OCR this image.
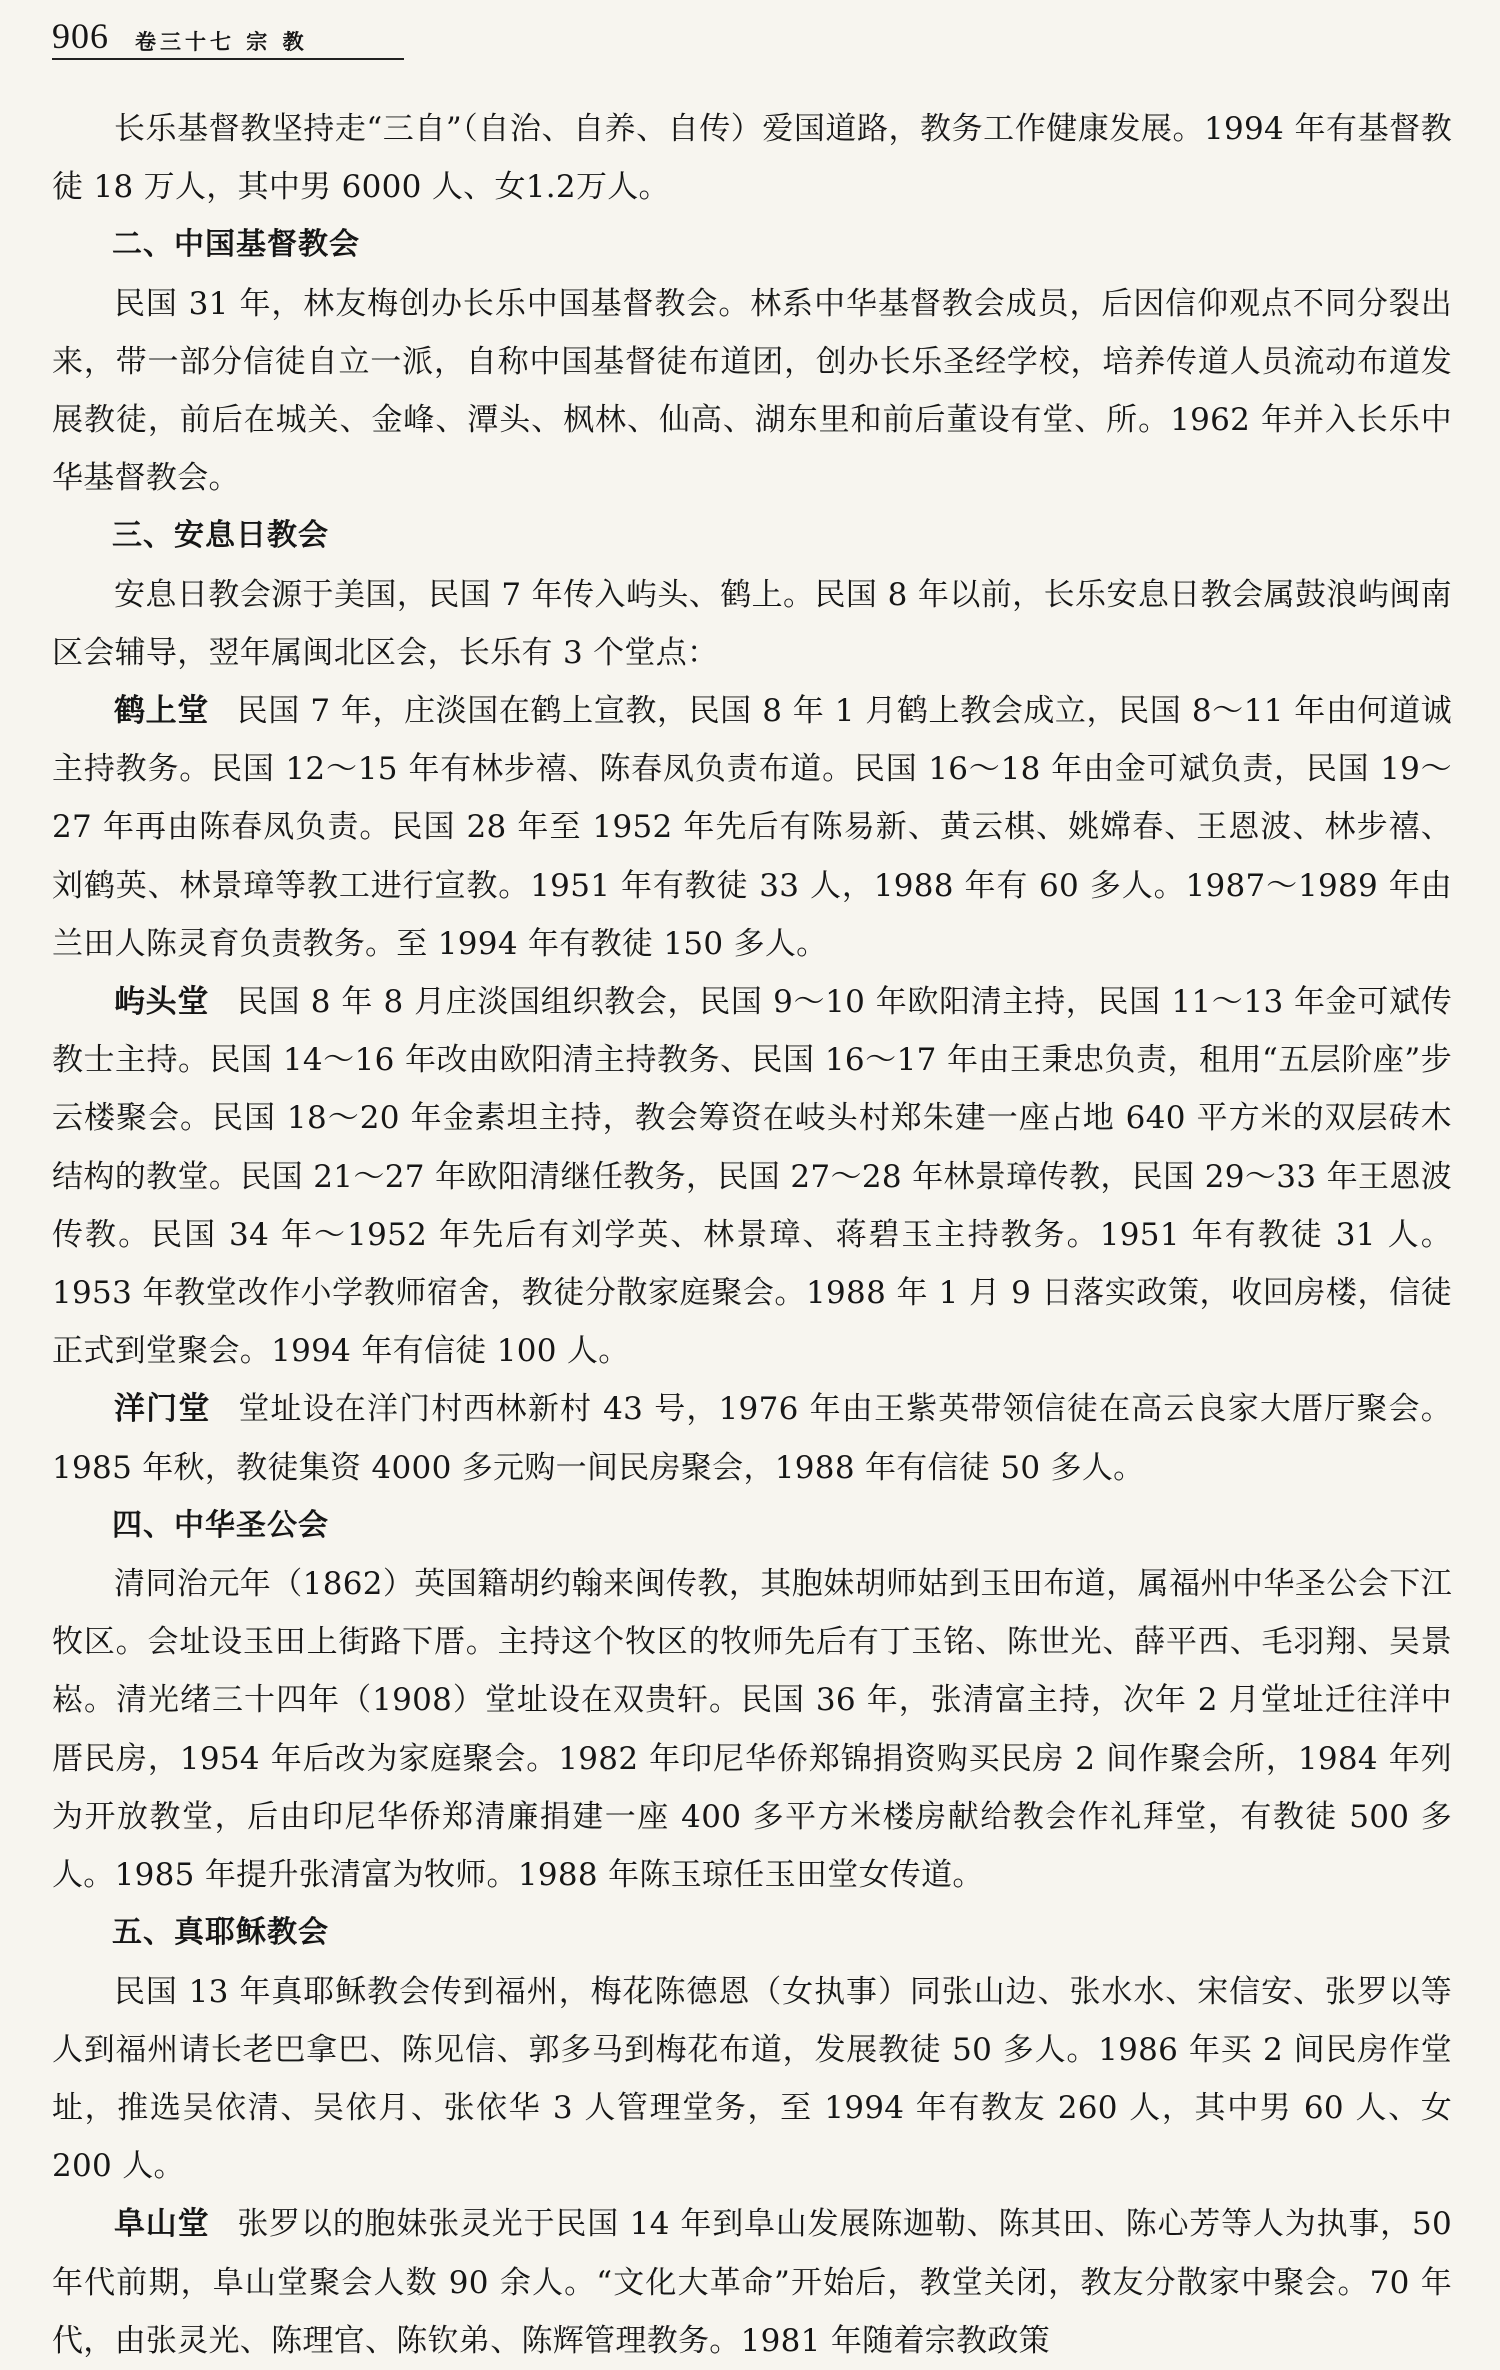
906 卷三十七 宗 教

长乐基督教坚持走“三自”（自治、自养、自传）爱国道路，教务工作健康发展。1994 年有基督教徒 18 万人，其中男 6000 人、女1.2万人。

二、中国基督教会

民国 31 年，林友梅创办长乐中国基督教会。林系中华基督教会成员，后因信仰观点不同分裂出来，带一部分信徒自立一派，自称中国基督徒布道团，创办长乐圣经学校，培养传道人员流动布道发展教徒，前后在城关、金峰、潭头、枫林、仙高、湖东里和前后董设有堂、所。1962 年并入长乐中华基督教会。

三、安息日教会

安息日教会源于美国，民国 7 年传入屿头、鹤上。民国 8 年以前，长乐安息日教会属鼓浪屿闽南区会辅导，翌年属闽北区会，长乐有 3 个堂点：

鹤上堂 民国 7 年，庄淡国在鹤上宣教，民国 8 年 1 月鹤上教会成立，民国 8～11 年由何道诚主持教务。民国 12～15 年有林步禧、陈春凤负责布道。民国 16～18 年由金可斌负责，民国 19～27 年再由陈春凤负责。民国 28 年至 1952 年先后有陈易新、黄云棋、姚嫦春、王恩波、林步禧、刘鹤英、林景璋等教工进行宣教。1951 年有教徒 33 人，1988 年有 60 多人。1987～1989 年由兰田人陈灵育负责教务。至 1994 年有教徒 150 多人。

屿头堂 民国 8 年 8 月庄淡国组织教会，民国 9～10 年欧阳清主持，民国 11～13 年金可斌传教士主持。民国 14～16 年改由欧阳清主持教务、民国 16～17 年由王秉忠负责，租用“五层阶座”步云楼聚会。民国 18～20 年金素坦主持，教会筹资在岐头村郑朱建一座占地 640 平方米的双层砖木结构的教堂。民国 21～27 年欧阳清继任教务，民国 27～28 年林景璋传教，民国 29～33 年王恩波传教。民国 34 年～1952 年先后有刘学英、林景璋、蒋碧玉主持教务。1951 年有教徒 31 人。1953 年教堂改作小学教师宿舍，教徒分散家庭聚会。1988 年 1 月 9 日落实政策，收回房楼，信徒正式到堂聚会。1994 年有信徒 100 人。

洋门堂 堂址设在洋门村西林新村 43 号，1976 年由王紫英带领信徒在高云良家大厝厅聚会。1985 年秋，教徒集资 4000 多元购一间民房聚会，1988 年有信徒 50 多人。

四、中华圣公会

清同治元年（1862）英国籍胡约翰来闽传教，其胞妹胡师姑到玉田布道，属福州中华圣公会下江牧区。会址设玉田上街路下厝。主持这个牧区的牧师先后有丁玉铭、陈世光、薛平西、毛羽翔、吴景崧。清光绪三十四年（1908）堂址设在双贵轩。民国 36 年，张清富主持，次年 2 月堂址迁往洋中厝民房，1954 年后改为家庭聚会。1982 年印尼华侨郑锦捐资购买民房 2 间作聚会所，1984 年列为开放教堂，后由印尼华侨郑清廉捐建一座 400 多平方米楼房献给教会作礼拜堂，有教徒 500 多人。1985 年提升张清富为牧师。1988 年陈玉琼任玉田堂女传道。

五、真耶稣教会

民国 13 年真耶稣教会传到福州，梅花陈德恩（女执事）同张山边、张水水、宋信安、张罗以等人到福州请长老巴拿巴、陈见信、郭多马到梅花布道，发展教徒 50 多人。1986 年买 2 间民房作堂址，推选吴依清、吴依月、张依华 3 人管理堂务，至 1994 年有教友 260 人，其中男 60 人、女 200 人。

阜山堂 张罗以的胞妹张灵光于民国 14 年到阜山发展陈迦勒、陈其田、陈心芳等人为执事，50 年代前期，阜山堂聚会人数 90 余人。“文化大革命”开始后，教堂关闭，教友分散家中聚会。70 年代，由张灵光、陈理官、陈钦弟、陈辉管理教务。1981 年随着宗教政策
